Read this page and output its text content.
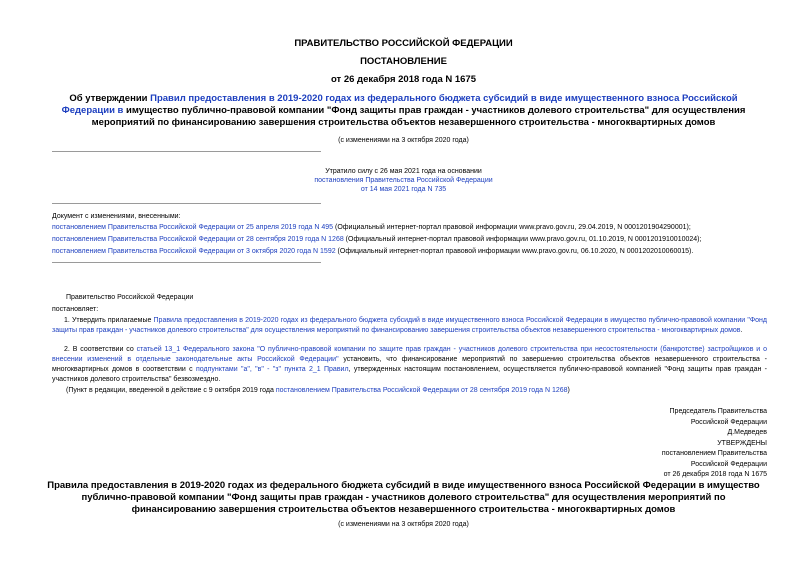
ПРАВИТЕЛЬСТВО РОССИЙСКОЙ ФЕДЕРАЦИИ
ПОСТАНОВЛЕНИЕ
от 26 декабря 2018 года N 1675
Об утверждении Правил предоставления в 2019-2020 годах из федерального бюджета субсидий в виде имущественного взноса Российской Федерации в имущество публично-правовой компании "Фонд защиты прав граждан - участников долевого строительства" для осуществления мероприятий по финансированию завершения строительства объектов незавершенного строительства - многоквартирных домов
(с изменениями на 3 октября 2020 года)
Утратило силу с 26 мая 2021 года на основании
постановления Правительства Российской Федерации
от 14 мая 2021 года N 735
Документ с изменениями, внесенными:
постановлением Правительства Российской Федерации от 25 апреля 2019 года N 495 (Официальный интернет-портал правовой информации www.pravo.gov.ru, 29.04.2019, N 0001201904290001);
постановлением Правительства Российской Федерации от 28 сентября 2019 года N 1268 (Официальный интернет-портал правовой информации www.pravo.gov.ru, 01.10.2019, N 0001201910010024);
постановлением Правительства Российской Федерации от 3 октября 2020 года N 1592 (Официальный интернет-портал правовой информации www.pravo.gov.ru, 06.10.2020, N 0001202010060015).
Правительство Российской Федерации
постановляет:
1. Утвердить прилагаемые Правила предоставления в 2019-2020 годах из федерального бюджета субсидий в виде имущественного взноса Российской Федерации в имущество публично-правовой компании "Фонд защиты прав граждан - участников долевого строительства" для осуществления мероприятий по финансированию завершения строительства объектов незавершенного строительства - многоквартирных домов.
2. В соответствии со статьей 13_1 Федерального закона "О публично-правовой компании по защите прав граждан - участников долевого строительства при несостоятельности (банкротстве) застройщиков и о внесении изменений в отдельные законодательные акты Российской Федерации" установить, что финансирование мероприятий по завершению строительства объектов незавершенного строительства - многоквартирных домов в соответствии с подпунктами "а", "в" - "з" пункта 2_1 Правил, утвержденных настоящим постановлением, осуществляется публично-правовой компанией "Фонд защиты прав граждан - участников долевого строительства" безвозмездно.
(Пункт в редакции, введенной в действие с 9 октября 2019 года постановлением Правительства Российской Федерации от 28 сентября 2019 года N 1268)
Председатель Правительства
Российской Федерации
Д.Медведев
УТВЕРЖДЕНЫ
постановлением Правительства
Российской Федерации
от 26 декабря 2018 года N 1675
Правила предоставления в 2019-2020 годах из федерального бюджета субсидий в виде имущественного взноса Российской Федерации в имущество публично-правовой компании "Фонд защиты прав граждан - участников долевого строительства" для осуществления мероприятий по финансированию завершения строительства объектов незавершенного строительства - многоквартирных домов
(с изменениями на 3 октября 2020 года)
